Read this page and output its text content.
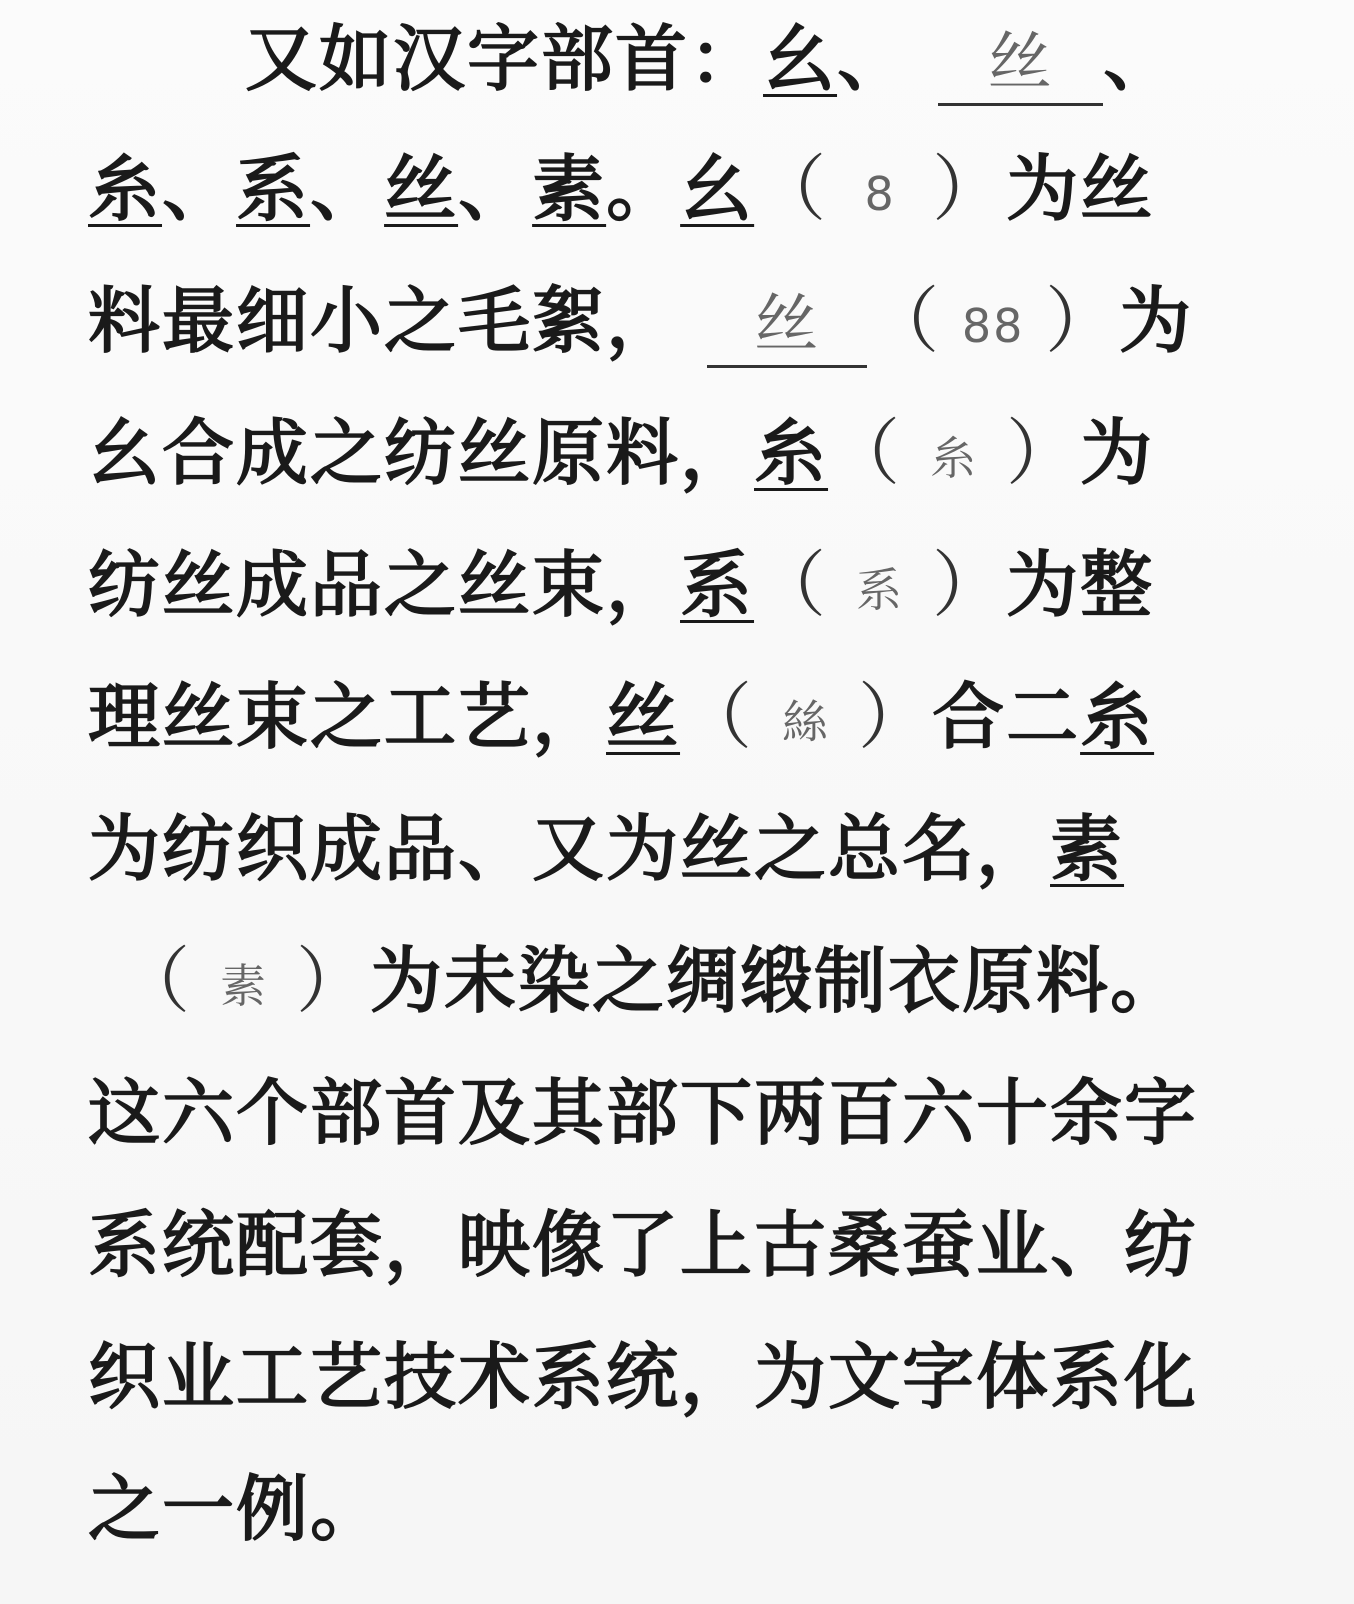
又如汉字部首：幺、 丝 、
糸、系、丝、素。幺（ 8 ）为丝
料最细小之毛絮， 丝 （ 88 ）为
幺合成之纺丝原料，糸（ 糸 ）为
纺丝成品之丝束，系（ 系 ）为整
理丝束之工艺，丝（ 絲 ）合二糸
为纺织成品、又为丝之总名，素
（ 素 ）为未染之绸缎制衣原料。
这六个部首及其部下两百六十余字
系统配套，映像了上古桑蚕业、纺
织业工艺技术系统，为文字体系化
之一例。
